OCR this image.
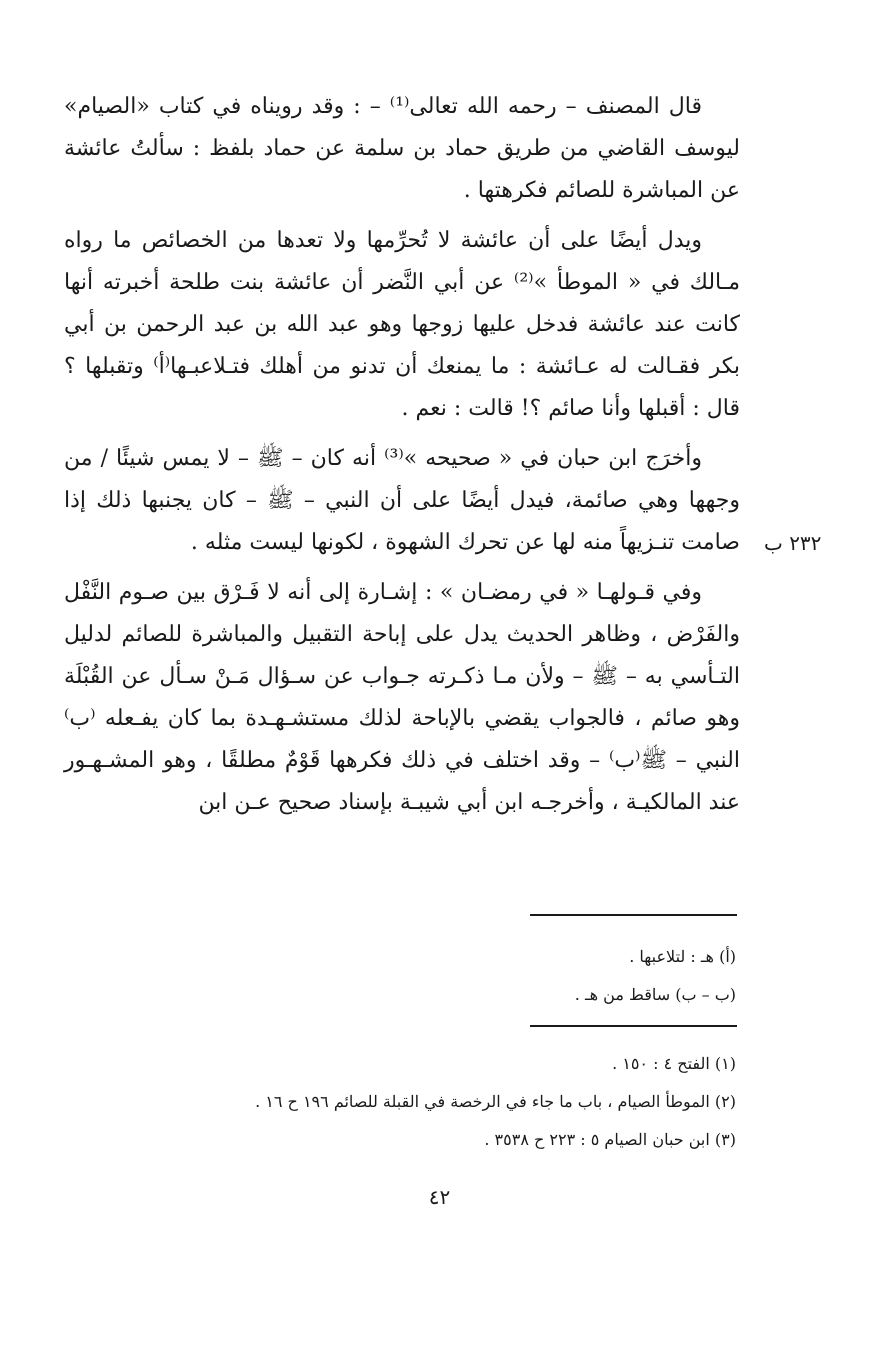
قال المصنف – رحمه الله تعالى⁽¹⁾ – : وقد رويناه في كتاب «الصيام» ليوسف القاضي من طريق حماد بن سلمة عن حماد بلفظ : سألتُ عائشة عن المباشرة للصائم فكرهتها .

ويدل أيضًا على أن عائشة لا تُحرِّمها ولا تعدها من الخصائص ما رواه مـالك في « الموطأ »⁽²⁾ عن أبي النَّضر أن عائشة بنت طلحة أخبرته أنها كانت عند عائشة فدخل عليها زوجها وهو عبد الله بن عبد الرحمن بن أبي بكر فقـالت له عـائشة : ما يمنعك أن تدنو من أهلك فتـلاعبـها⁽أ⁾ وتقبلها ؟ قال : أقبلها وأنا صائم ؟! قالت : نعم .

وأخرَج ابن حبان في « صحيحه »⁽³⁾ أنه كان – ﷺ – لا يمس شيئًا / من وجهها وهي صائمة، فيدل أيضًا على أن النبي – ﷺ – كان يجنبها ذلك إذا صامت تنـزيهاً منه لها عن تحرك الشهوة ، لكونها ليست مثله .

وفي قـولهـا « في رمضـان » : إشـارة إلى أنه لا فَـرْق بين صـوم النَّفْل والفَرْض ، وظاهر الحديث يدل على إباحة التقبيل والمباشرة للصائم لدليل التـأسي به – ﷺ – ولأن مـا ذكـرته جـواب عن سـؤال مَـنْ سـأل عن القُبْلَة وهو صائم ، فالجواب يقضي بالإباحة لذلك مستشـهـدة بما كان يفـعله ⁽ب⁾النبي – ﷺ⁽ب⁾ – وقد اختلف في ذلك فكرهها قَوْمٌ مطلقًا ، وهو المشـهـور عند المالكيـة ، وأخرجـه ابن أبي شيبـة بإسناد صحيح عـن ابن

٢٣٢ ب

(أ) هـ : لتلاعبها .

(ب – ب) ساقط من هـ .

(١) الفتح ٤ : ١٥٠ .

(٢) الموطأ الصيام ، باب ما جاء في الرخصة في القبلة للصائم ١٩٦ ح ١٦ .

(٣) ابن حبان الصيام ٥ : ٢٢٣ ح ٣٥٣٨ .

٤٢
